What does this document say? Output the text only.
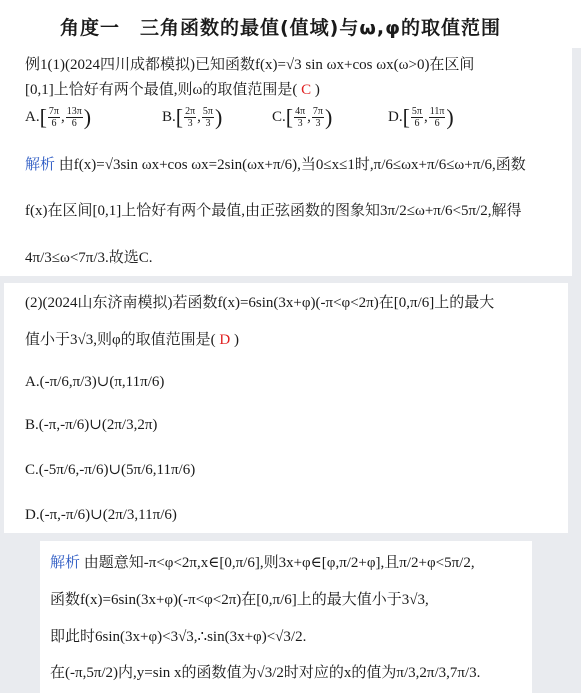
角度一　三角函数的最值(值域)与ω,φ的取值范围
例1(1)(2024四川成都模拟)已知函数f(x)=√3 sin ωx+cos ωx(ω>0)在区间
[0,1]上恰好有两个最值,则ω的取值范围是( C )
$A.[ \frac{7\pi}{6}$ , $\frac{13\pi}{6}$ )	$B.[ \frac{2\pi}{3}$ , $\frac{5\pi}{3}$ )	$C.[ \frac{4\pi}{3}$ , $\frac{7\pi}{3}$ )	$D.[ \frac{5\pi}{6}$ , $\frac{11\pi}{6}$ )
解析 由f(x)=√3sin ωx+cos ωx=2sin(ωx+π/6),当0≤x≤1时,π/6≤ωx+π/6≤ω+π/6,函数
f(x)在区间[0,1]上恰好有两个最值,由正弦函数的图象知3π/2≤ω+π/6<5π/2,解得
4π/3≤ω<7π/3.故选C.
(2)(2024山东济南模拟)若函数f(x)=6sin(3x+φ)(-π<φ<2π)在[0,π/6]上的最大
值小于3√3,则φ的取值范围是( D )
A.(-π/6,π/3)∪(π,11π/6)
B.(-π,-π/6)∪(2π/3,2π)
C.(-5π/6,-π/6)∪(5π/6,11π/6)
D.(-π,-π/6)∪(2π/3,11π/6)
解析 由题意知-π<φ<2π,x∈[0,π/6],则3x+φ∈[φ,π/2+φ],且π/2+φ<5π/2,
函数f(x)=6sin(3x+φ)(-π<φ<2π)在[0,π/6]上的最大值小于3√3,
即此时6sin(3x+φ)<3√3,∴sin(3x+φ)<√3/2.
在(-π,5π/2)内,y=sin x的函数值为√3/2时对应的x的值为π/3,2π/3,7π/3.
